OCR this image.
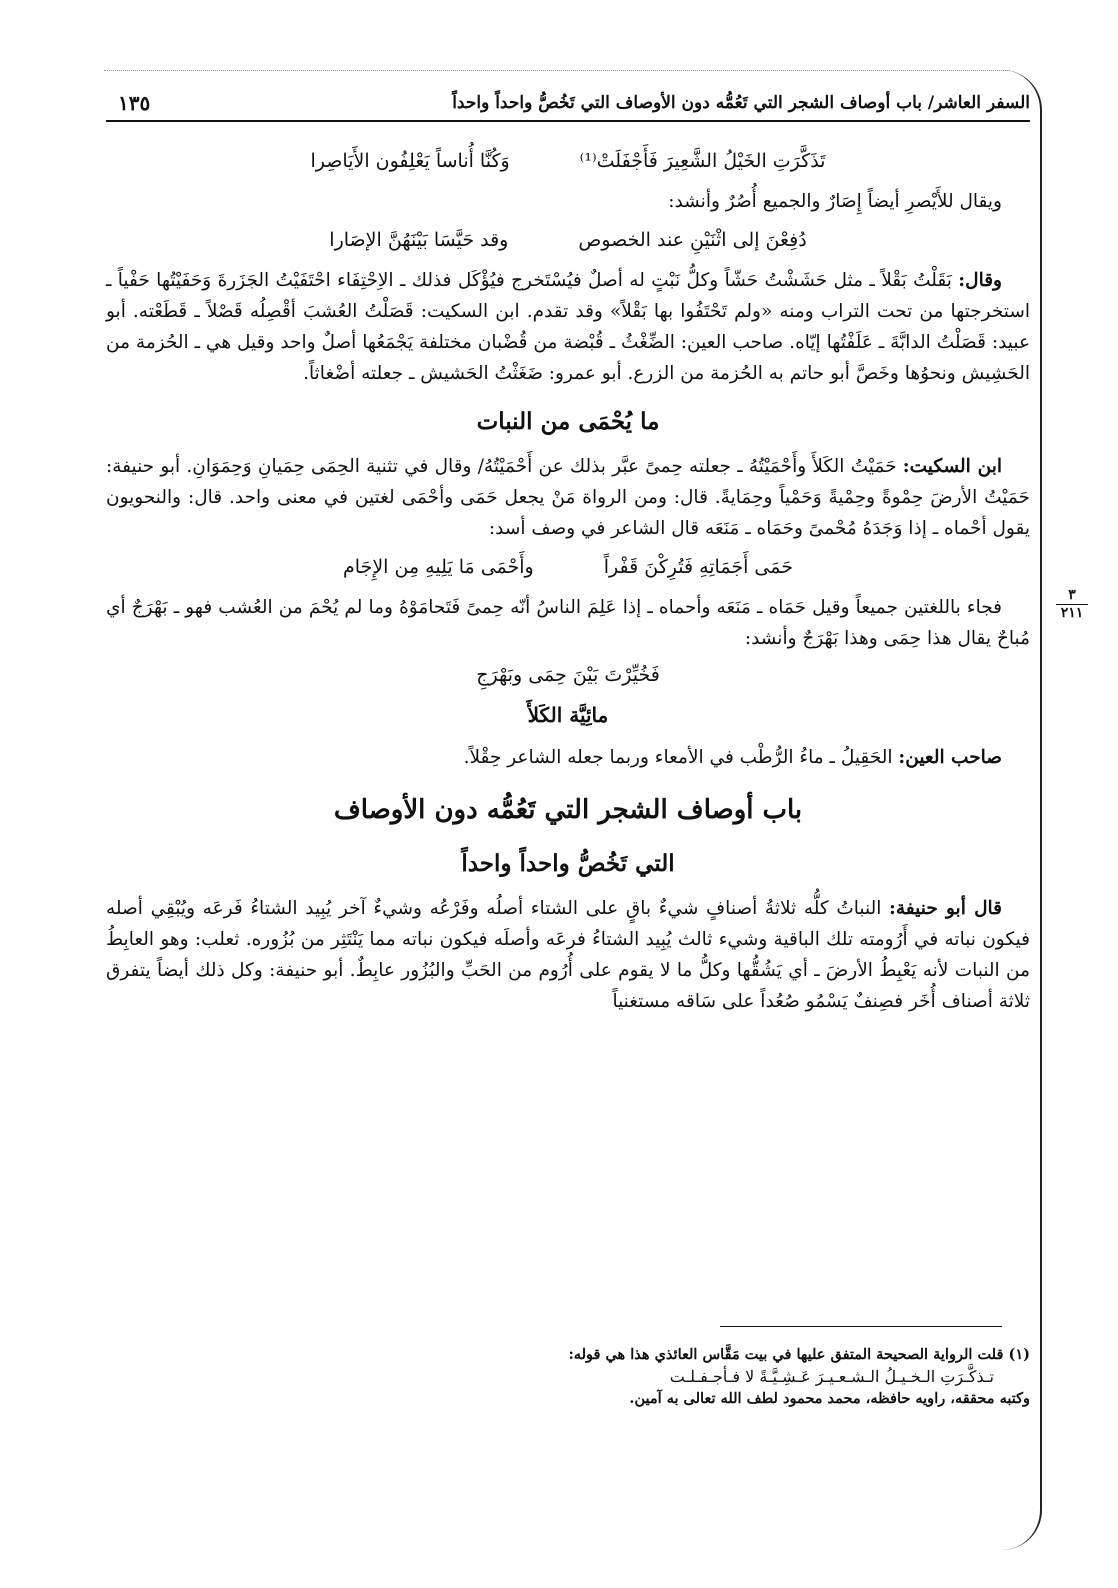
السفر العاشر/ باب أوصاف الشجر التي تَعُمُّه دون الأوصاف التي تَخُصُّ واحداً واحداً
١٣٥
٣
٢١١
تَذَكَّرَتِ الخَيْلُ الشَّعِيرَ فَأَجْفَلَتْ⁽¹⁾
وَكُنَّا أُناساً يَعْلِفُون الأَيَاصِرا

ويقال للأَيْصرِ أيضاً إِصَارٌ والجميع أُصُرٌ وأنشد:

دُفِعْنَ إلى اثْنَيْنِ عند الخصوص
وقد حَيَّسَا بَيْنَهُنَّ الإصَارا

وقال: بَقَلْتُ بَقْلاً ـ مثل حَشَشْتُ حَشّاً وكلُّ نَبْتٍ له أصلٌ فيُسْتَخرج فيُؤْكَل فذلك ـ الاِحْتِفَاء احْتَفَيْتُ الجَزَرةَ وَحَفَيْتُها حَفْياً ـ استخرجتها من تحت التراب ومنه «ولم تَحْتَفُوا بها بَقْلاً» وقد تقدم. ابن السكيت: قَصَلْتُ العُشبَ أقْصِلُه قَصْلاً ـ قَطَعْته. أبو عبيد: قَصَلْتُ الدابَّةَ ـ عَلَفْتُها إيّاه. صاحب العين: الضِّغْثُ ـ قُبْضة من قُضْبان مختلفة يَجْمَعُها أصلٌ واحد وقيل هي ـ الحُزمة من الحَشِيش ونحوُها وخَصَّ أبو حاتم به الحُزمة من الزرع. أبو عمرو: ضَغَثْتُ الحَشيش ـ جعلته أضْغاثاً.

ما يُحْمَى من النبات

ابن السكيت: حَمَيْتُ الكَلأَ وأَحْمَيْتُهُ ـ جعلته حِمىً عبَّر بذلك عن أَحْمَيْتُهُ/ وقال في تثنية الحِمَى حِمَيانِ وَحِمَوَانِ. أبو حنيفة: حَمَيْتُ الأرضَ حِمْوةً وحِمْيةً وَحَمْياً وحِمَايةً. قال: ومن الرواة مَنْ يجعل حَمَى وأحْمَى لغتين في معنى واحد. قال: والنحويون يقول أحْماه ـ إذا وَجَدَهُ مُحْمىً وحَمَاه ـ مَنَعَه قال الشاعر في وصف أسد:

حَمَى أَجَمَاتِهِ فَتُرِكْنَ قَفْراً
وأَحْمَى مَا يَلِيهِ مِن الإِجَام

فجاء باللغتين جميعاً وقيل حَمَاه ـ مَنَعَه وأحماه ـ إذا عَلِمَ الناسُ أنّه حِمىً فَتَحامَوْهُ وما لم يُحْمَ من العُشب فهو ـ بَهْرَجٌ أي مُباحٌ يقال هذا حِمَى وهذا بَهْرَجٌ وأنشد:

فَخُيِّرْتَ بَيْنَ حِمَى وبَهْرَجِ
مائِيَّة الكَلأَ

صاحب العين: الحَقِيلُ ـ ماءُ الرُّطْب في الأمعاء وربما جعله الشاعر حِقْلاً.

باب أوصاف الشجر التي تَعُمُّه دون الأوصاف
التي تَخُصُّ واحداً واحداً

قال أبو حنيفة: النباتُ كلُّه ثلاثةُ أصنافٍ شيءٌ باقٍ على الشتاء أصلُه وفَرْعُه وشيءٌ آخر يُبِيد الشتاءُ فَرعَه ويُبْقِي أصله فيكون نباته في أَرُومته تلك الباقية وشيء ثالث يُبِيد الشتاءُ فرعَه وأصلَه فيكون نباته مما يَنْتَثِر من بُزُوره. ثعلب: وهو العابِطُ من النبات لأنه يَعْبِطُ الأرضَ ـ أي يَشُقُّها وكلُّ ما لا يقوم على أُرُوم من الحَبِّ والبُزُور عابِطٌ. أبو حنيفة: وكل ذلك أيضاً يتفرق ثلاثة أصناف أُخَر فصِنفٌ يَسْمُو صُعُداً على سَاقه مستغنياً

(١) قلت الرواية الصحيحة المتفق عليها في بيت مَقَّاس العائذي هذا هي قوله:
تـذكَّـرَتِ الـخـيـلُ الـشـعـيـرَ عَـشِـيَّـةً لا فـأجـفـلـت
وكتبه محققه، راويه حافظه، محمد محمود لطف الله تعالى به آمين.
